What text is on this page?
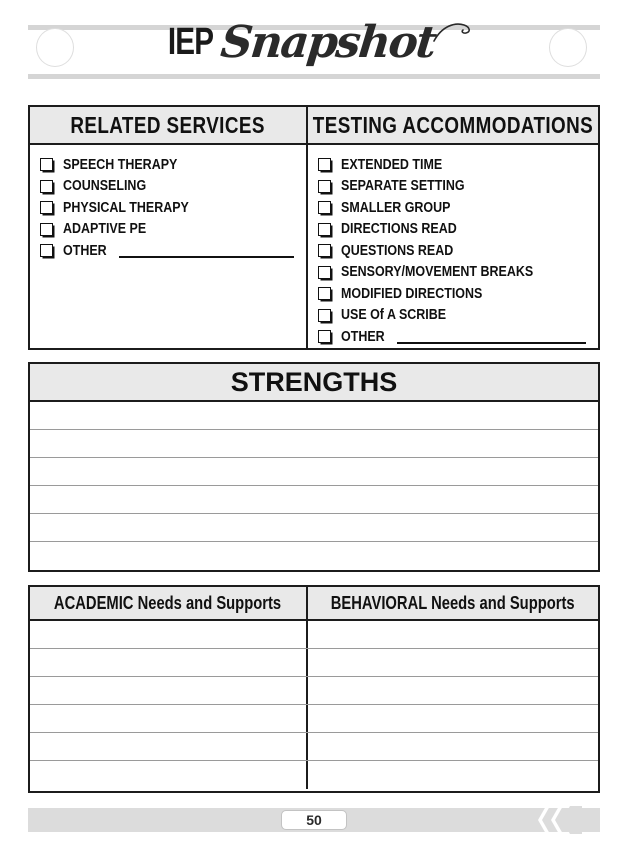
IEP Snapshot
RELATED SERVICES TESTING ACCOMMODATIONS
SPEECH THERAPY
COUNSELING
PHYSICAL THERAPY
ADAPTIVE PE
OTHER
EXTENDED TIME
SEPARATE SETTING
SMALLER GROUP
DIRECTIONS READ
QUESTIONS READ
SENSORY/MOVEMENT BREAKS
MODIFIED DIRECTIONS
USE Of A SCRIBE
OTHER
STRENGTHS
ACADEMIC Needs and Supports	BEHAVIORAL Needs and Supports
50
